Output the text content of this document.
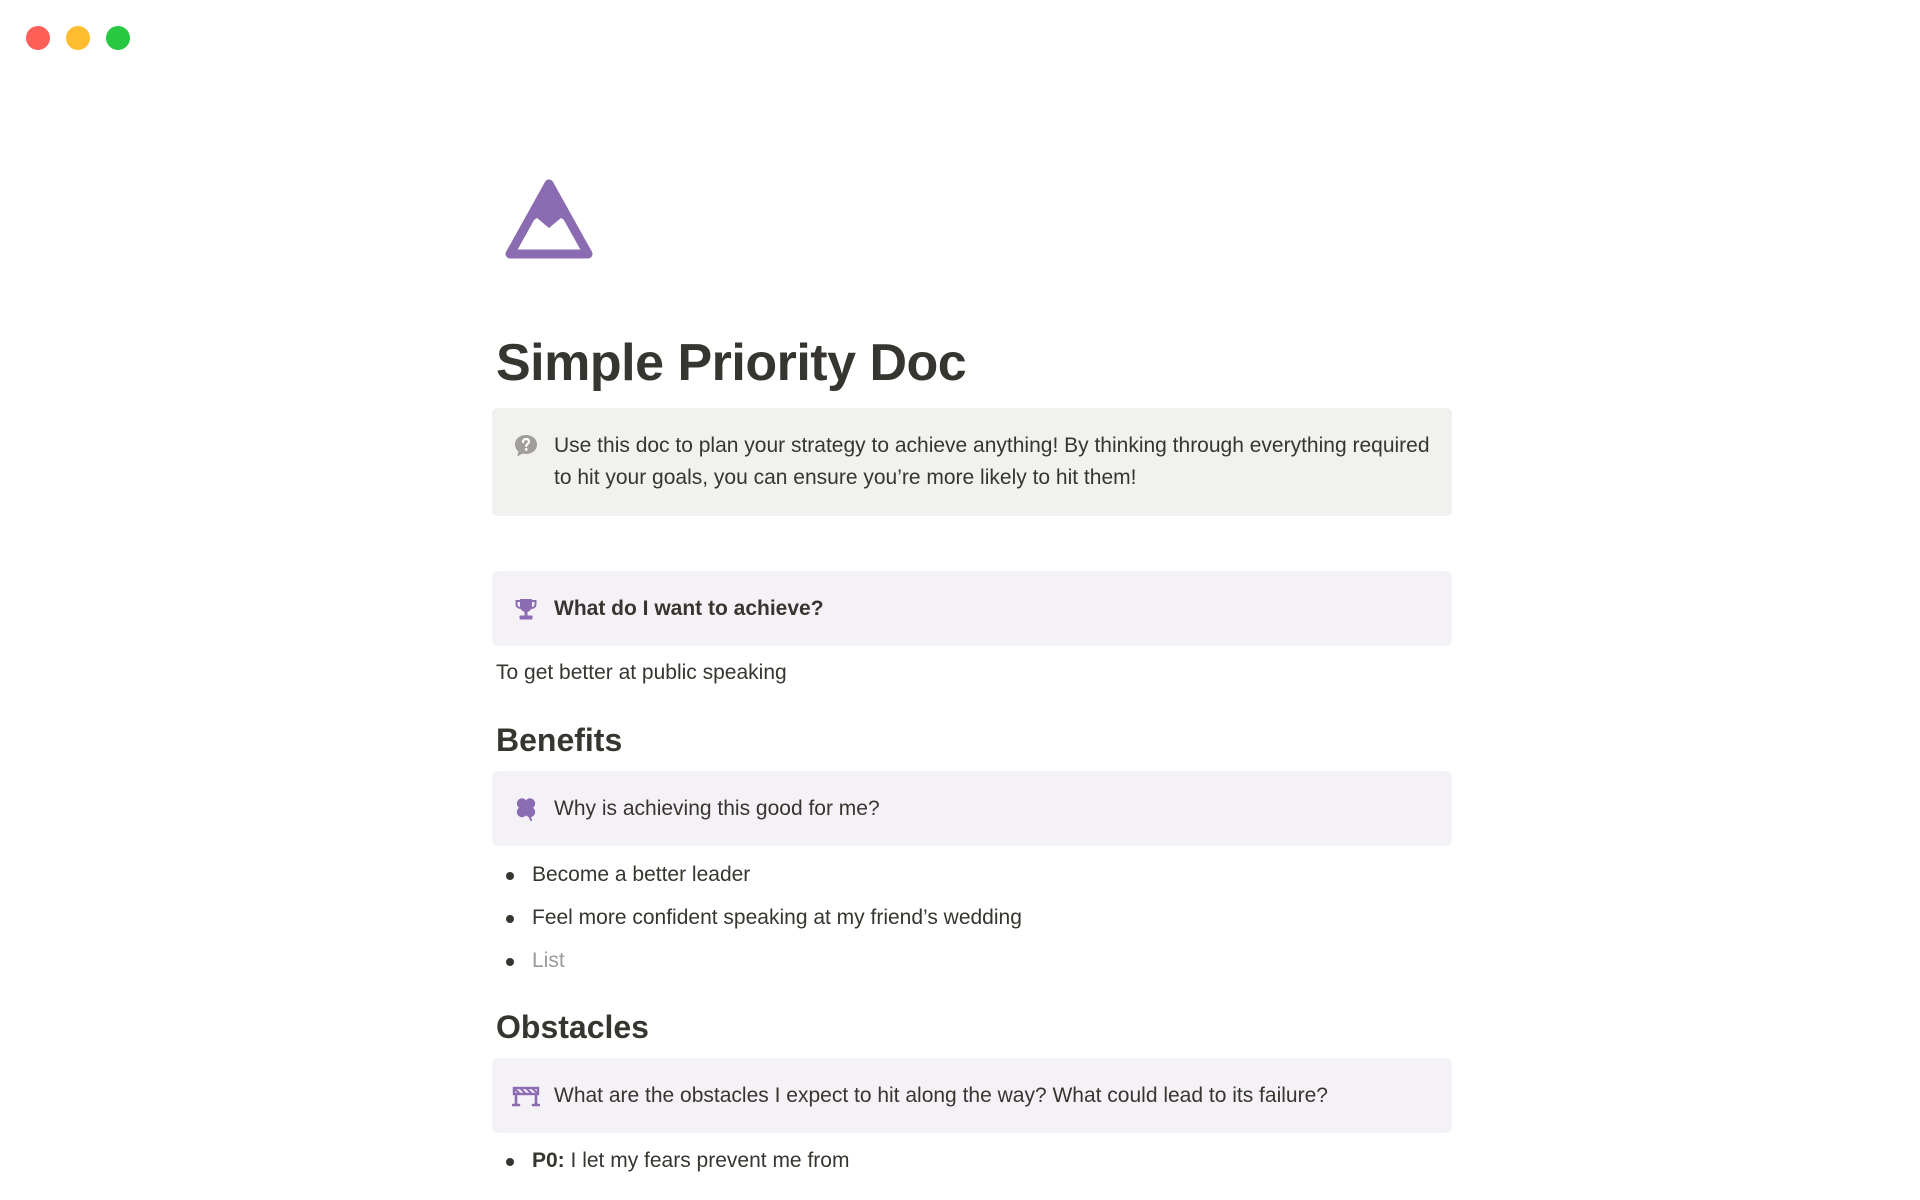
Simple Priority Doc
Use this doc to plan your strategy to achieve anything! By thinking through everything required to hit your goals, you can ensure you’re more likely to hit them!
What do I want to achieve?
To get better at public speaking
Benefits
Why is achieving this good for me?
Become a better leader
Feel more confident speaking at my friend’s wedding
List
Obstacles
What are the obstacles I expect to hit along the way? What could lead to its failure?
P0: I let my fears prevent me from
